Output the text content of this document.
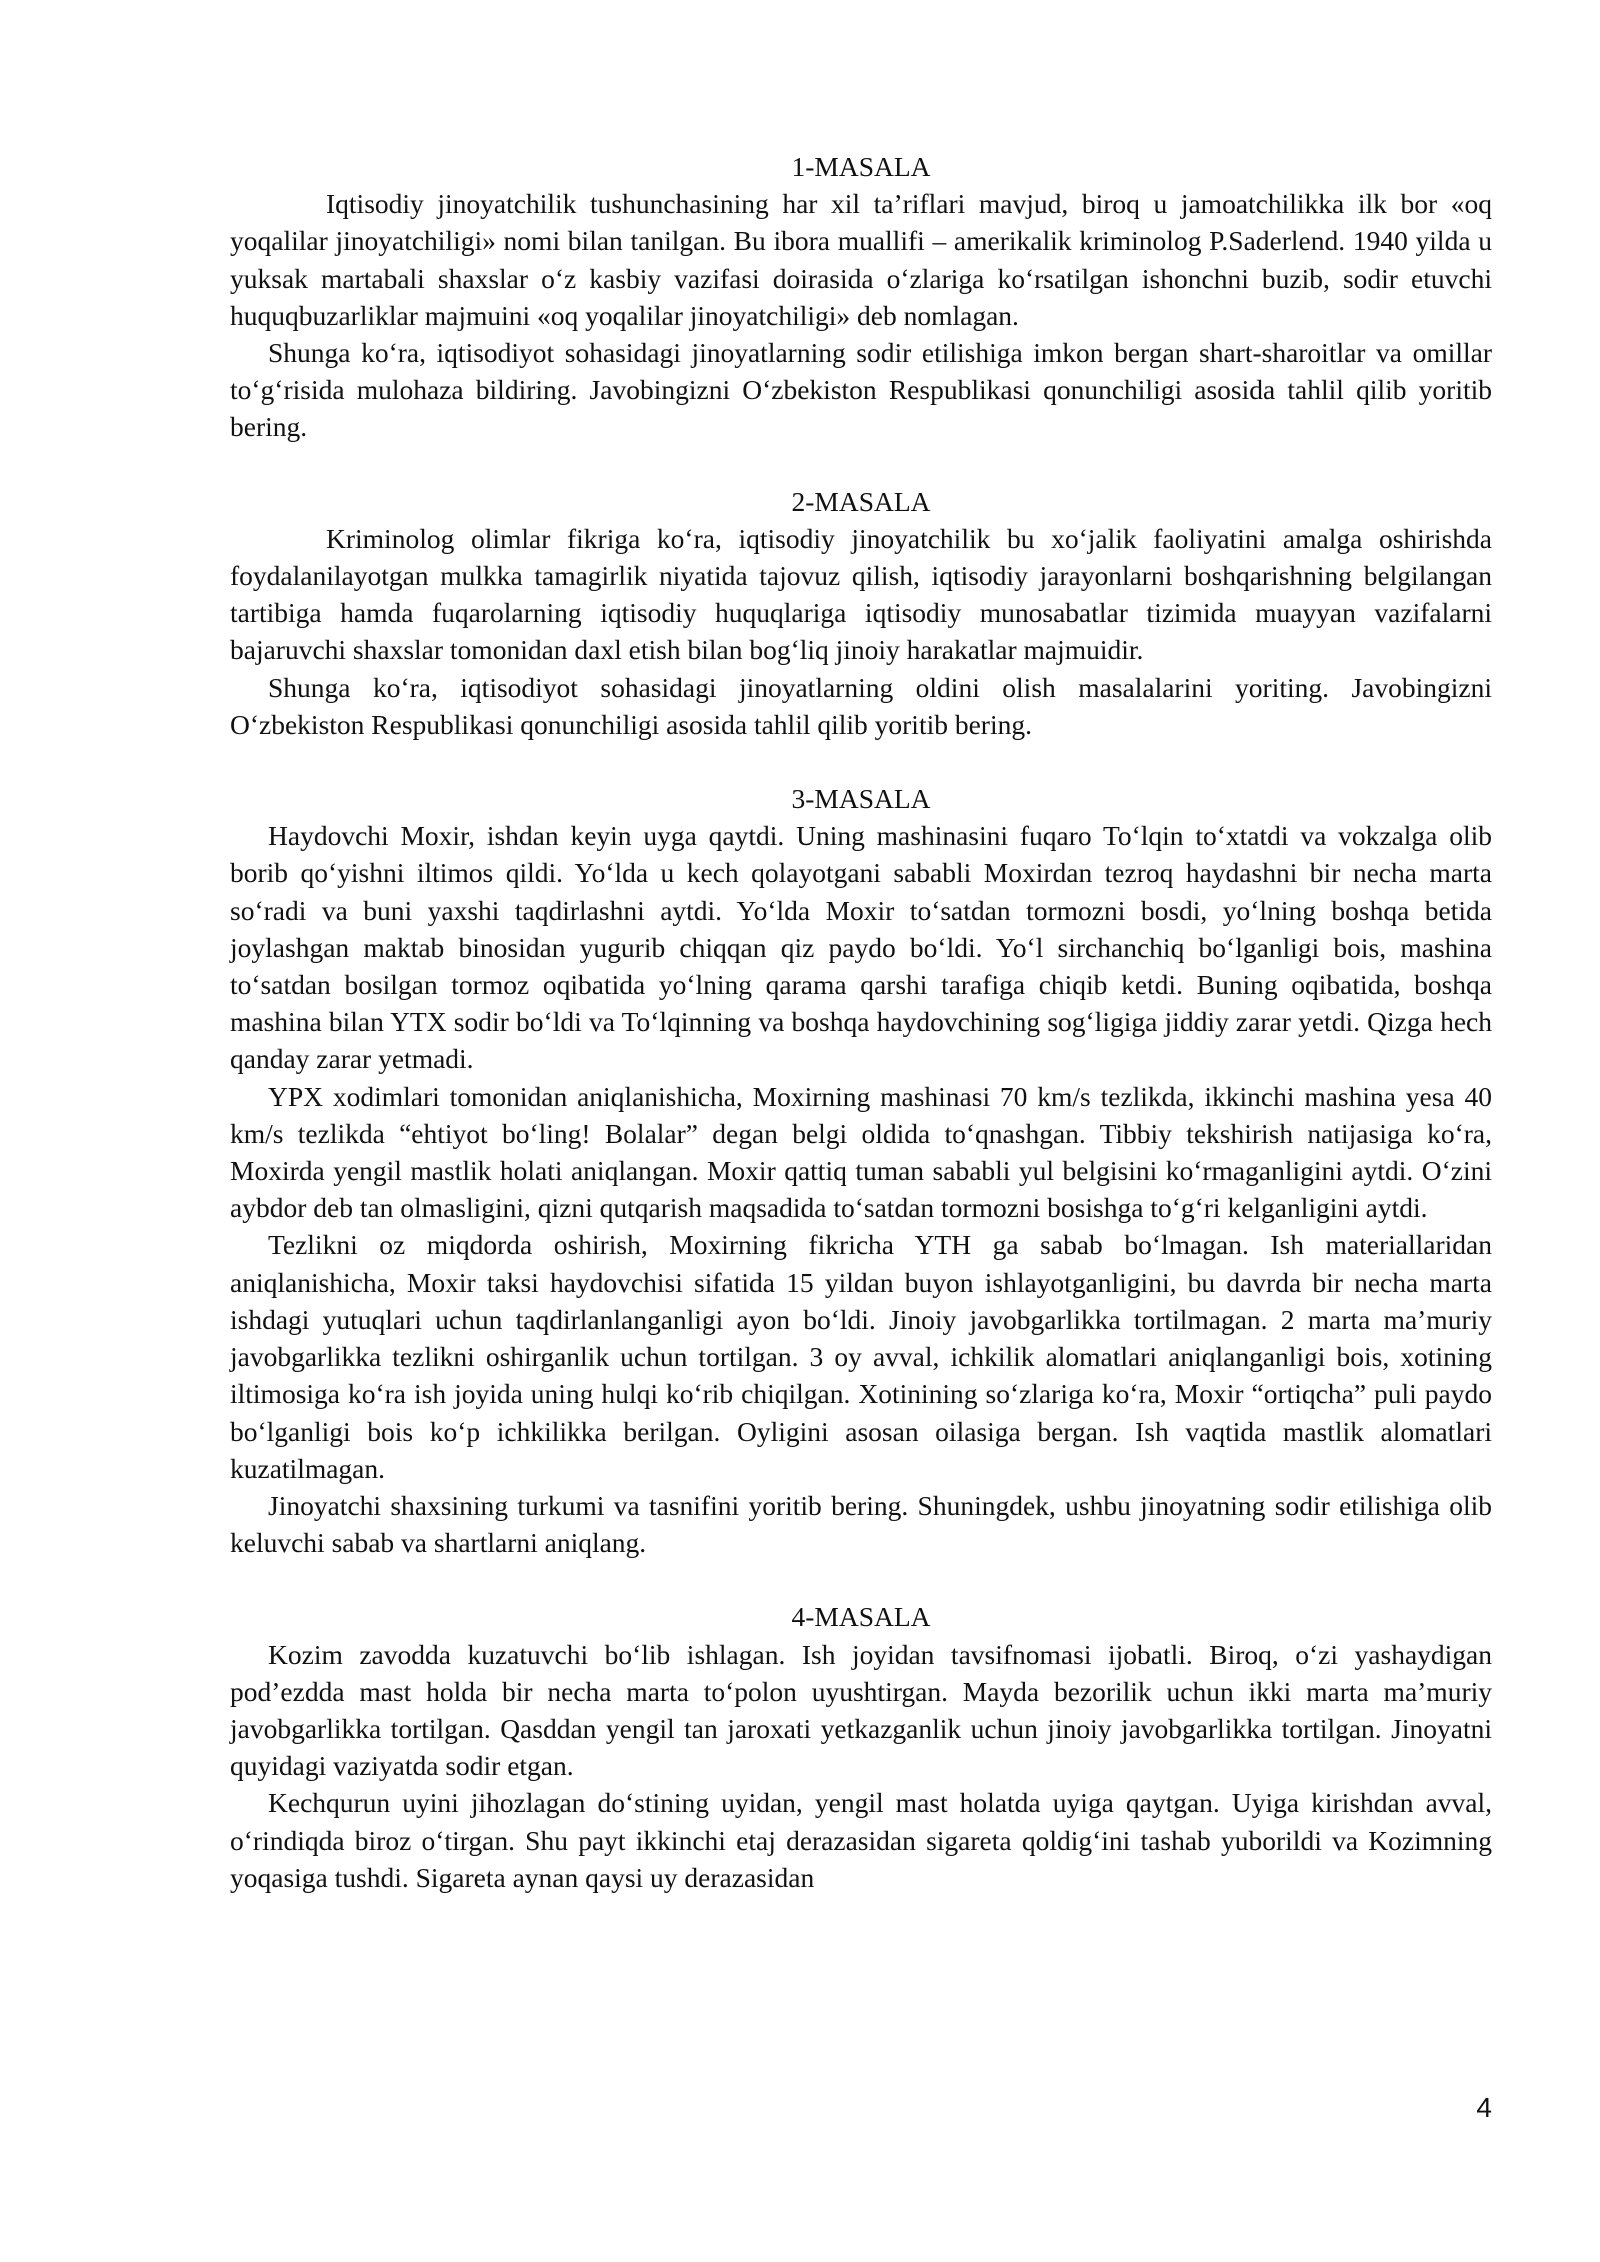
1-MASALA

Iqtisodiy jinoyatchilik tushunchasining har xil ta’riflari mavjud, biroq u jamoatchilikka ilk bor «oq yoqalilar jinoyatchiligi» nomi bilan tanilgan. Bu ibora muallifi – amerikalik kriminolog P.Saderlend. 1940 yilda u yuksak martabali shaxslar o‘z kasbiy vazifasi doirasida o‘zlariga ko‘rsatilgan ishonchni buzib, sodir etuvchi huquqbuzarliklar majmuini «oq yoqalilar jinoyatchiligi» deb nomlagan.

Shunga ko‘ra, iqtisodiyot sohasidagi jinoyatlarning sodir etilishiga imkon bergan shart-sharoitlar va omillar to‘g‘risida mulohaza bildiring. Javobingizni O‘zbekiston Respublikasi qonunchiligi asosida tahlil qilib yoritib bering.

2-MASALA

Kriminolog olimlar fikriga ko‘ra, iqtisodiy jinoyatchilik bu xo‘jalik faoliyatini amalga oshirishda foydalanilayotgan mulkka tamagirlik niyatida tajovuz qilish, iqtisodiy jarayonlarni boshqarishning belgilangan tartibiga hamda fuqarolarning iqtisodiy huquqlariga iqtisodiy munosabatlar tizimida muayyan vazifalarni bajaruvchi shaxslar tomonidan daxl etish bilan bog‘liq jinoiy harakatlar majmuidir.

Shunga ko‘ra, iqtisodiyot sohasidagi jinoyatlarning oldini olish masalalarini yoriting. Javobingizni O‘zbekiston Respublikasi qonunchiligi asosida tahlil qilib yoritib bering.

3-MASALA

Haydovchi Moxir, ishdan keyin uyga qaytdi. Uning mashinasini fuqaro To‘lqin to‘xtatdi va vokzalga olib borib qo‘yishni iltimos qildi. Yo‘lda u kech qolayotgani sababli Moxirdan tezroq haydashni bir necha marta so‘radi va buni yaxshi taqdirlashni aytdi. Yo‘lda Moxir to‘satdan tormozni bosdi, yo‘lning boshqa betida joylashgan maktab binosidan yugurib chiqqan qiz paydo bo‘ldi. Yo‘l sirchanchiq bo‘lganligi bois, mashina to‘satdan bosilgan tormoz oqibatida yo‘lning qarama qarshi tarafiga chiqib ketdi. Buning oqibatida, boshqa mashina bilan YTX sodir bo‘ldi va To‘lqinning va boshqa haydovchining sog‘ligiga jiddiy zarar yetdi. Qizga hech qanday zarar yetmadi.

YPX xodimlari tomonidan aniqlanishicha, Moxirning mashinasi 70 km/s tezlikda, ikkinchi mashina yesa 40 km/s tezlikda “ehtiyot bo‘ling! Bolalar” degan belgi oldida to‘qnashgan. Tibbiy tekshirish natijasiga ko‘ra, Moxirda yengil mastlik holati aniqlangan. Moxir qattiq tuman sababli yul belgisini ko‘rmaganligini aytdi. O‘zini aybdor deb tan olmasligini, qizni qutqarish maqsadida to‘satdan tormozni bosishga to‘g‘ri kelganligini aytdi.

Tezlikni oz miqdorda oshirish, Moxirning fikricha YTH ga sabab bo‘lmagan. Ish materiallaridan aniqlanishicha, Moxir taksi haydovchisi sifatida 15 yildan buyon ishlayotganligini, bu davrda bir necha marta ishdagi yutuqlari uchun taqdirlanlanganligi ayon bo‘ldi. Jinoiy javobgarlikka tortilmagan. 2 marta ma’muriy javobgarlikka tezlikni oshirganlik uchun tortilgan. 3 oy avval, ichkilik alomatlari aniqlanganligi bois, xotining iltimosiga ko‘ra ish joyida uning hulqi ko‘rib chiqilgan. Xotinining so‘zlariga ko‘ra, Moxir “ortiqcha” puli paydo bo‘lganligi bois ko‘p ichkilikka berilgan. Oyligini asosan oilasiga bergan. Ish vaqtida mastlik alomatlari kuzatilmagan.

Jinoyatchi shaxsining turkumi va tasnifini yoritib bering. Shuningdek, ushbu jinoyatning sodir etilishiga olib keluvchi sabab va shartlarni aniqlang.

4-MASALA

Kozim zavodda kuzatuvchi bo‘lib ishlagan. Ish joyidan tavsifnomasi ijobatli. Biroq, o‘zi yashaydigan pod’ezdda mast holda bir necha marta to‘polon uyushtirgan. Mayda bezorilik uchun ikki marta ma’muriy javobgarlikka tortilgan. Qasddan yengil tan jaroxati yetkazganlik uchun jinoiy javobgarlikka tortilgan. Jinoyatni quyidagi vaziyatda sodir etgan.

Kechqurun uyini jihozlagan do‘stining uyidan, yengil mast holatda uyiga qaytgan. Uyiga kirishdan avval, o‘rindiqda biroz o‘tirgan. Shu payt ikkinchi etaj derazasidan sigareta qoldig‘ini tashab yuborildi va Kozimning yoqasiga tushdi. Sigareta aynan qaysi uy derazasidan

4
